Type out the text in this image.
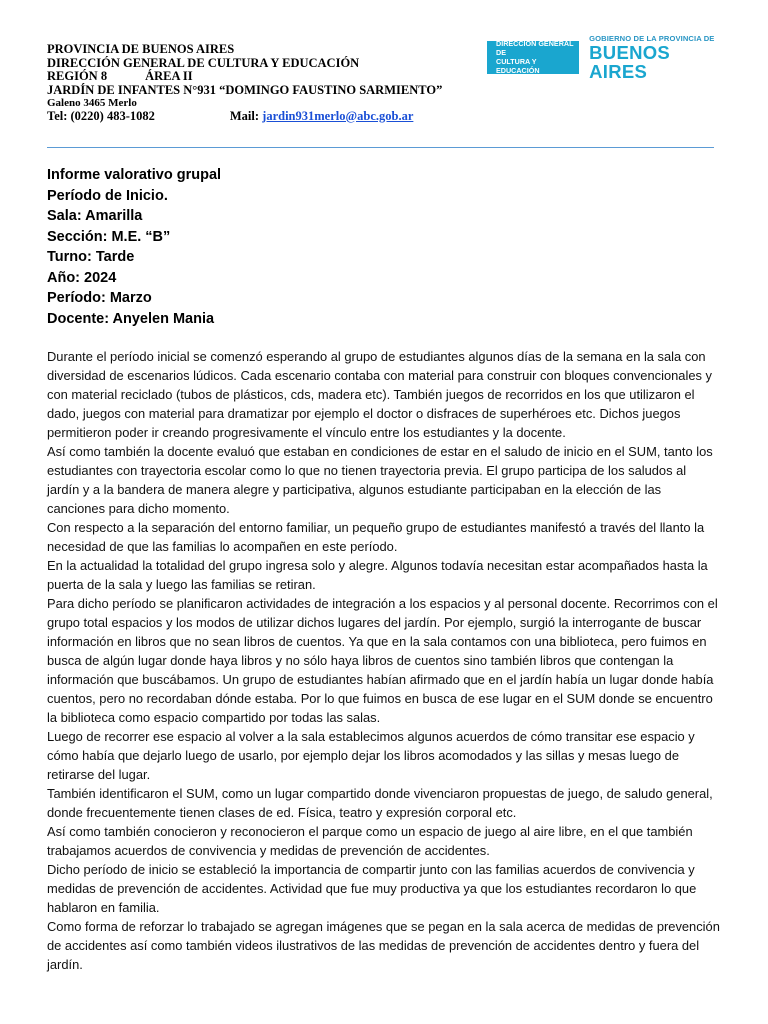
PROVINCIA DE BUENOS AIRES
DIRECCIÓN GENERAL DE CULTURA Y EDUCACIÓN
REGIÓN 8	ÁREA II
JARDÍN DE INFANTES N°931 “DOMINGO FAUSTINO SARMIENTO”
Galeno 3465 Merlo
Tel: (0220) 483-1082	Mail: jardin931merlo@abc.gob.ar
DIRECCIÓN GENERAL DE
CULTURA Y EDUCACIÓN
GOBIERNO DE LA PROVINCIA DE
BUENOS AIRES
Informe valorativo grupal
Período de Inicio.
Sala: Amarilla
Sección: M.E. “B”
Turno: Tarde
Año: 2024
Período: Marzo
Docente: Anyelen Mania

Durante el período inicial se comenzó esperando al grupo de estudiantes algunos días de la semana en la sala con diversidad de escenarios lúdicos. Cada escenario contaba con material para construir con bloques convencionales y con material reciclado (tubos de plásticos, cds, madera etc). También juegos de recorridos en los que utilizaron el dado, juegos con material para dramatizar por ejemplo el doctor o disfraces de superhéroes etc. Dichos juegos permitieron poder ir creando progresivamente el vínculo entre los estudiantes y la docente.

Así como también la docente evaluó que estaban en condiciones de estar en el saludo de inicio en el SUM, tanto los estudiantes con trayectoria escolar como lo que no tienen trayectoria previa. El grupo participa de los saludos al jardín y a la bandera de manera alegre y participativa, algunos estudiante participaban en la elección de las canciones para dicho momento.

Con respecto a la separación del entorno familiar, un pequeño grupo de estudiantes manifestó a través del llanto la necesidad de que las familias lo acompañen en este período.

En la actualidad la totalidad del grupo ingresa solo y alegre. Algunos todavía necesitan estar acompañados hasta la puerta de la sala y luego las familias se retiran.

Para dicho período se planificaron actividades de integración a los espacios y al personal docente. Recorrimos con el grupo total espacios y los modos de utilizar dichos lugares del jardín. Por ejemplo, surgió la interrogante de buscar información en libros que no sean libros de cuentos. Ya que en la sala contamos con una biblioteca, pero fuimos en busca de algún lugar donde haya libros y no sólo haya libros de cuentos sino también libros que contengan la información que buscábamos. Un grupo de estudiantes habían afirmado que en el jardín había un lugar donde había cuentos, pero no recordaban dónde estaba. Por lo que fuimos en busca de ese lugar en el SUM donde se encuentro la biblioteca como espacio compartido por todas las salas.

Luego de recorrer ese espacio al volver a la sala establecimos algunos acuerdos de cómo transitar ese espacio y cómo había que dejarlo luego de usarlo, por ejemplo dejar los libros acomodados y las sillas y mesas luego de retirarse del lugar.

También identificaron el SUM, como un lugar compartido donde vivenciaron propuestas de juego, de saludo general, donde frecuentemente tienen clases de ed. Física, teatro y expresión corporal etc.

Así como también conocieron y reconocieron el parque como un espacio de juego al aire libre, en el que también trabajamos acuerdos de convivencia y medidas de prevención de accidentes.

Dicho período de inicio se estableció la importancia de compartir junto con las familias acuerdos de convivencia y medidas de prevención de accidentes. Actividad que fue muy productiva ya que los estudiantes recordaron lo que hablaron en familia.

Como forma de reforzar lo trabajado se agregan imágenes que se pegan en la sala acerca de medidas de prevención de accidentes así como también videos ilustrativos de las medidas de prevención de accidentes dentro y fuera del jardín.
